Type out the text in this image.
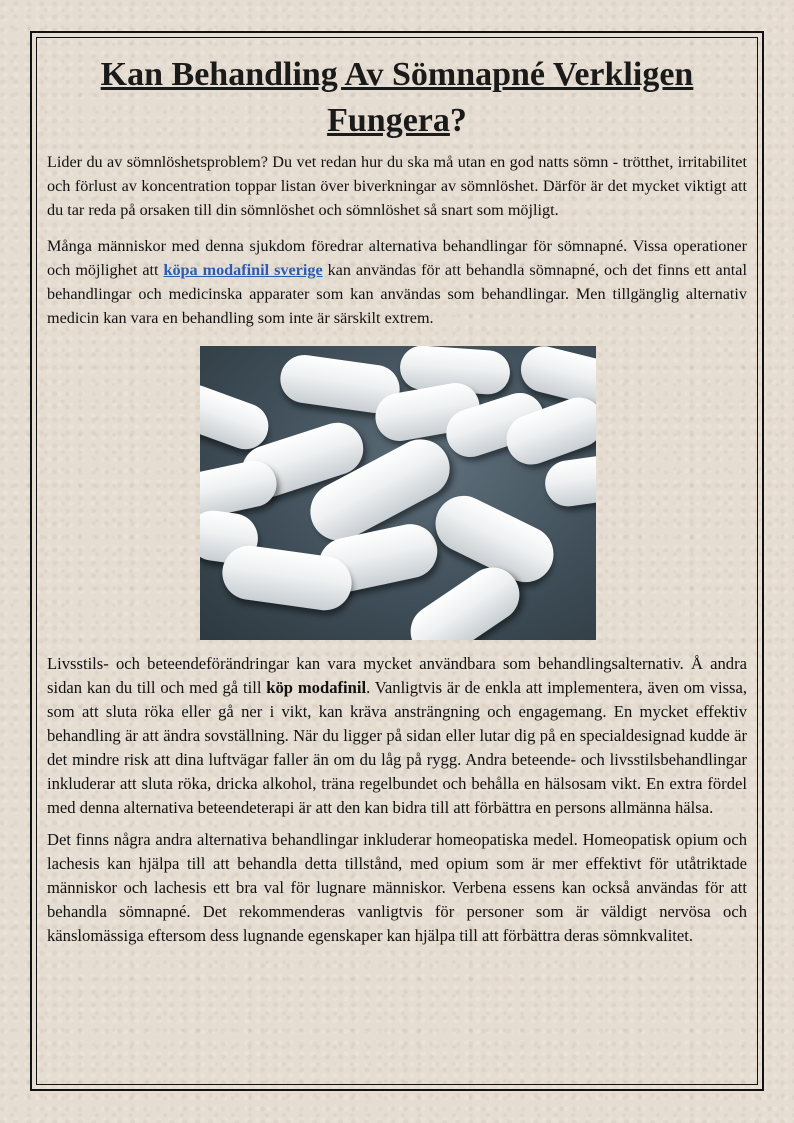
Kan Behandling Av Sömnapné Verkligen Fungera?

Lider du av sömnlöshetsproblem? Du vet redan hur du ska må utan en god natts sömn - trötthet, irritabilitet och förlust av koncentration toppar listan över biverkningar av sömnlöshet. Därför är det mycket viktigt att du tar reda på orsaken till din sömnlöshet och sömnlöshet så snart som möjligt.

Många människor med denna sjukdom föredrar alternativa behandlingar för sömnapné. Vissa operationer och möjlighet att köpa modafinil sverige kan användas för att behandla sömnapné, och det finns ett antal behandlingar och medicinska apparater som kan användas som behandlingar. Men tillgänglig alternativ medicin kan vara en behandling som inte är särskilt extrem.

Livsstils- och beteendeförändringar kan vara mycket användbara som behandlingsalternativ. Å andra sidan kan du till och med gå till köp modafinil. Vanligtvis är de enkla att implementera, även om vissa, som att sluta röka eller gå ner i vikt, kan kräva ansträngning och engagemang. En mycket effektiv behandling är att ändra sovställning. När du ligger på sidan eller lutar dig på en specialdesignad kudde är det mindre risk att dina luftvägar faller än om du låg på rygg. Andra beteende- och livsstilsbehandlingar inkluderar att sluta röka, dricka alkohol, träna regelbundet och behålla en hälsosam vikt. En extra fördel med denna alternativa beteendeterapi är att den kan bidra till att förbättra en persons allmänna hälsa.

Det finns några andra alternativa behandlingar inkluderar homeopatiska medel. Homeopatisk opium och lachesis kan hjälpa till att behandla detta tillstånd, med opium som är mer effektivt för utåtriktade människor och lachesis ett bra val för lugnare människor. Verbena essens kan också användas för att behandla sömnapné. Det rekommenderas vanligtvis för personer som är väldigt nervösa och känslomässiga eftersom dess lugnande egenskaper kan hjälpa till att förbättra deras sömnkvalitet.
